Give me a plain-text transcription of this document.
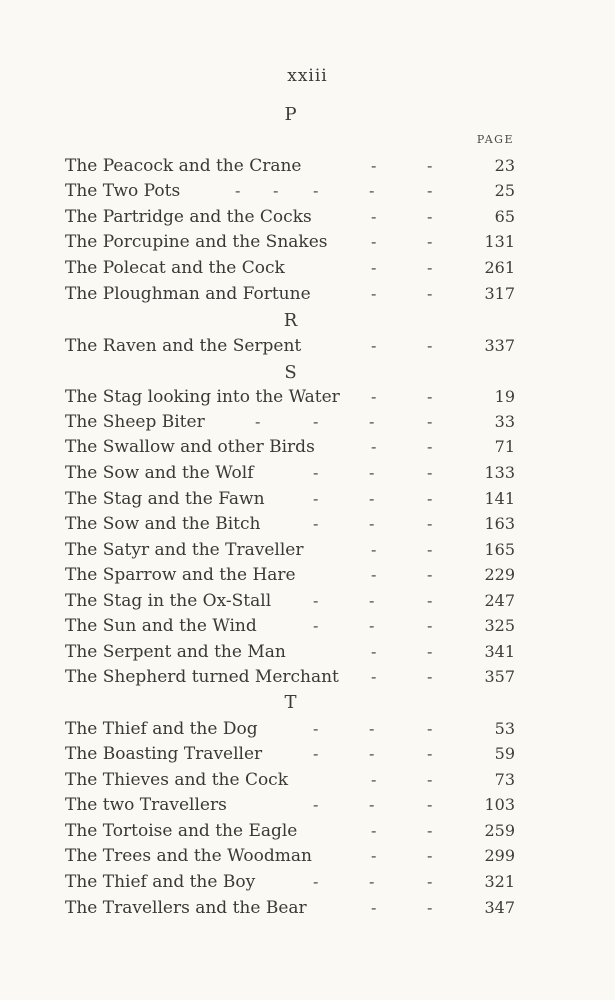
xxiii
PAGE
P
R
S
T
The Peacock and the Crane	-	-	23
The Two Pots	- - -	-	-	25
The Partridge and the Cocks	-	-	65
The Porcupine and the Snakes	-	-	131
The Polecat and the Cock	-	-	261
The Ploughman and Fortune	-	-	317
The Raven and the Serpent	-	-	337
The Stag looking into the Water -	-	19
The Sheep Biter	-	-	-	-	33
The Swallow and other Birds	-	-	71
The Sow and the Wolf	-	-	-	133
The Stag and the Fawn	-	-	-	141
The Sow and the Bitch	-	-	-	163
The Satyr and the Traveller	-	-	165
The Sparrow and the Hare	-	-	229
The Stag in the Ox-Stall	-	-	-	247
The Sun and the Wind	-	-	-	325
The Serpent and the Man	-	-	341
The Shepherd turned Merchant -	-	357
The Thief and the Dog	-	-	-	53
The Boasting Traveller	-	-	-	59
The Thieves and the Cock	-	-	73
The two Travellers	-	-	-	103
The Tortoise and the Eagle	-	-	259
The Trees and the Woodman	-	-	299
The Thief and the Boy	-	-	-	321
The Travellers and the Bear	-	-	347
